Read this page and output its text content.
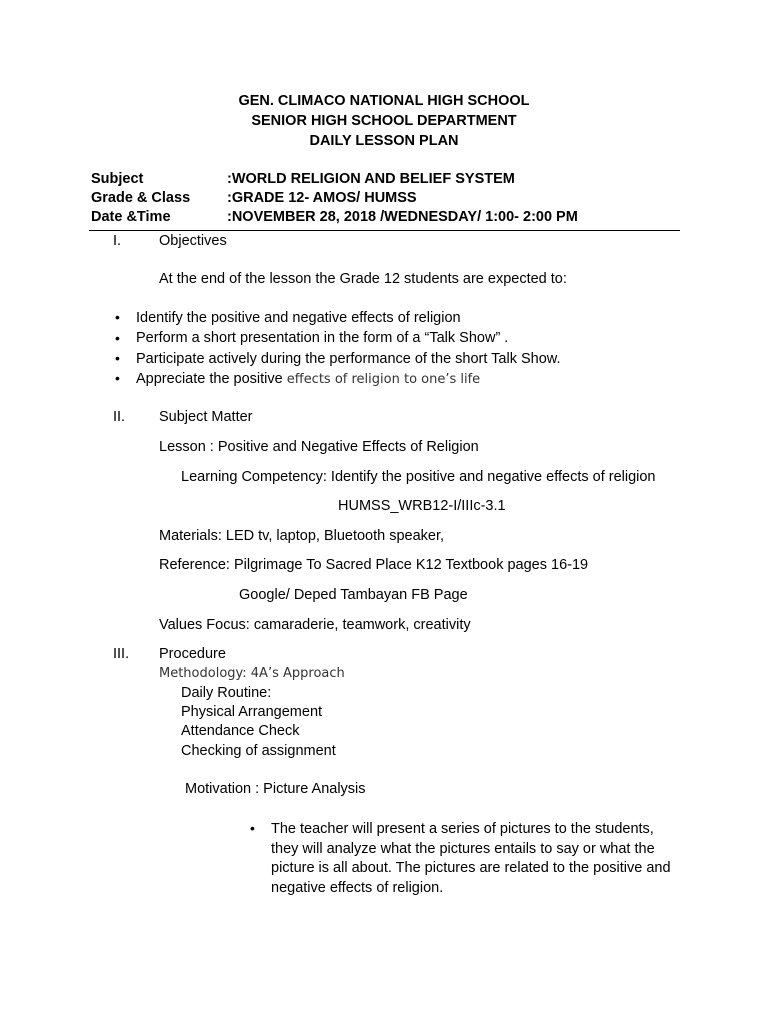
GEN. CLIMACO NATIONAL HIGH SCHOOL
SENIOR HIGH SCHOOL DEPARTMENT
DAILY LESSON PLAN
Subject	:WORLD RELIGION AND BELIEF SYSTEM
Grade & Class	:GRADE 12- AMOS/ HUMSS
Date &Time	:NOVEMBER 28, 2018 /WEDNESDAY/ 1:00- 2:00 PM
I.	Objectives
At the end of the lesson the Grade 12 students are expected to:
• Identify the positive and negative effects of religion
• Perform a short presentation in the form of a “Talk Show” .
• Participate actively during the performance of the short Talk Show.
• Appreciate the positive effects of religion to one’s life
II. Subject Matter
Lesson : Positive and Negative Effects of Religion
Learning Competency: Identify the positive and negative effects of religion
HUMSS_WRB12-I/IIIc-3.1
Materials: LED tv, laptop, Bluetooth speaker,
Reference: Pilgrimage To Sacred Place K12 Textbook pages 16-19
Google/ Deped Tambayan FB Page
Values Focus: camaraderie, teamwork, creativity
III. Procedure
Methodology: 4A’s Approach
Daily Routine:
Physical Arrangement
Attendance Check
Checking of assignment
Motivation : Picture Analysis
• The teacher will present a series of pictures to the students, they will analyze what the pictures entails to say or what the picture is all about. The pictures are related to the positive and negative effects of religion.
